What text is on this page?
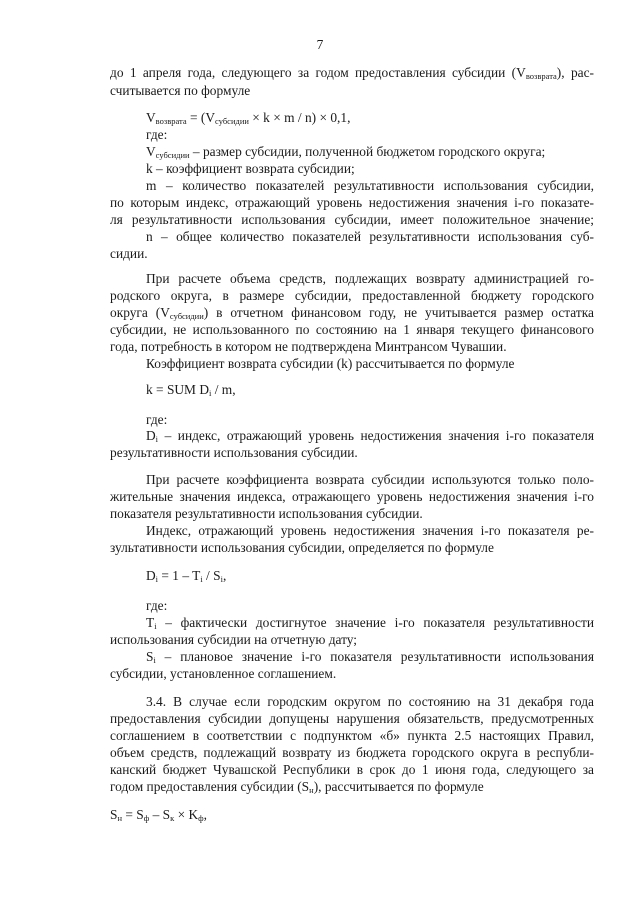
7
до 1 апреля года, следующего за годом предоставления субсидии $(V_{возврата})$, рас-
считывается по формуле
$V_{возврата} = (V_{субсидии} \times k \times m / n) \times 0,1$,
где:
$V_{субсидии}$ – размер субсидии, полученной бюджетом городского округа;
k – коэффициент возврата субсидии;
m – количество показателей результативности использования субсидии,
по которым индекс, отражающий уровень недостижения значения i-го показате-
ля результативности использования субсидии, имеет положительное значение;
n – общее количество показателей результативности использования суб-
сидии.
При расчете объема средств, подлежащих возврату администрацией го-
родского округа, в размере субсидии, предоставленной бюджету городского
округа $(V_{субсидии})$ в отчетном финансовом году, не учитывается размер остатка
субсидии, не использованного по состоянию на 1 января текущего финансового
года, потребность в котором не подтверждена Минтрансом Чувашии.
Коэффициент возврата субсидии (k) рассчитывается по формуле
k = SUM $D_i$ / m,
где:
$D_i$ – индекс, отражающий уровень недостижения значения i-го показателя
результативности использования субсидии.
При расчете коэффициента возврата субсидии используются только поло-
жительные значения индекса, отражающего уровень недостижения значения i-го
показателя результативности использования субсидии.
Индекс, отражающий уровень недостижения значения i-го показателя ре-
зультативности использования субсидии, определяется по формуле
$D_i = 1 - T_i / S_i$,
где:
$T_i$ – фактически достигнутое значение i-го показателя результативности
использования субсидии на отчетную дату;
$S_i$ – плановое значение i-го показателя результативности использования
субсидии, установленное соглашением.
3.4. В случае если городским округом по состоянию на 31 декабря года
предоставления субсидии допущены нарушения обязательств, предусмотренных
соглашением в соответствии с подпунктом «б» пункта 2.5 настоящих Правил,
объем средств, подлежащий возврату из бюджета городского округа в республи-
канский бюджет Чувашской Республики в срок до 1 июня года, следующего за
годом предоставления субсидии $(S_н)$, рассчитывается по формуле
$S_н = S_ф - S_к \times K_ф$,
